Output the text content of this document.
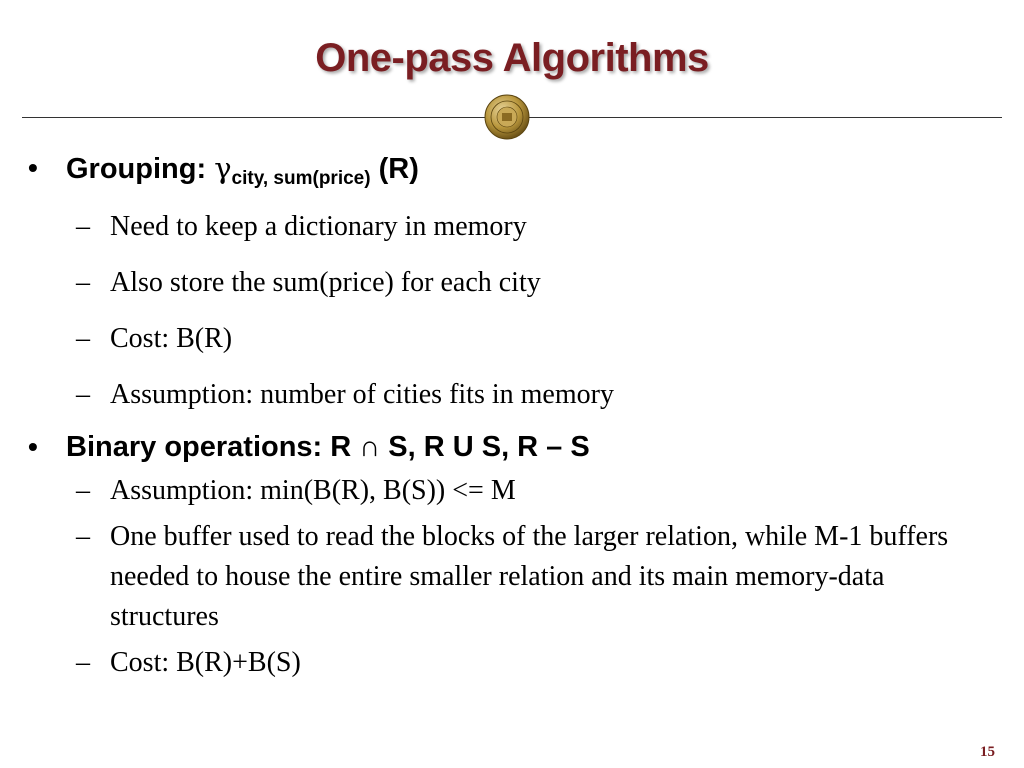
One-pass Algorithms
• Grouping: $\gamma_{city, sum(price)}$ (R)
– Need to keep a dictionary in memory
– Also store the sum(price) for each city
– Cost: B(R)
– Assumption: number of cities fits in memory
• Binary operations: R ∩ S, R U S, R – S
– Assumption: min(B(R), B(S)) <= M
– One buffer used to read the blocks of the larger relation, while M-1 buffers needed to house the entire smaller relation and its main memory-data structures
– Cost: B(R)+B(S)
15
